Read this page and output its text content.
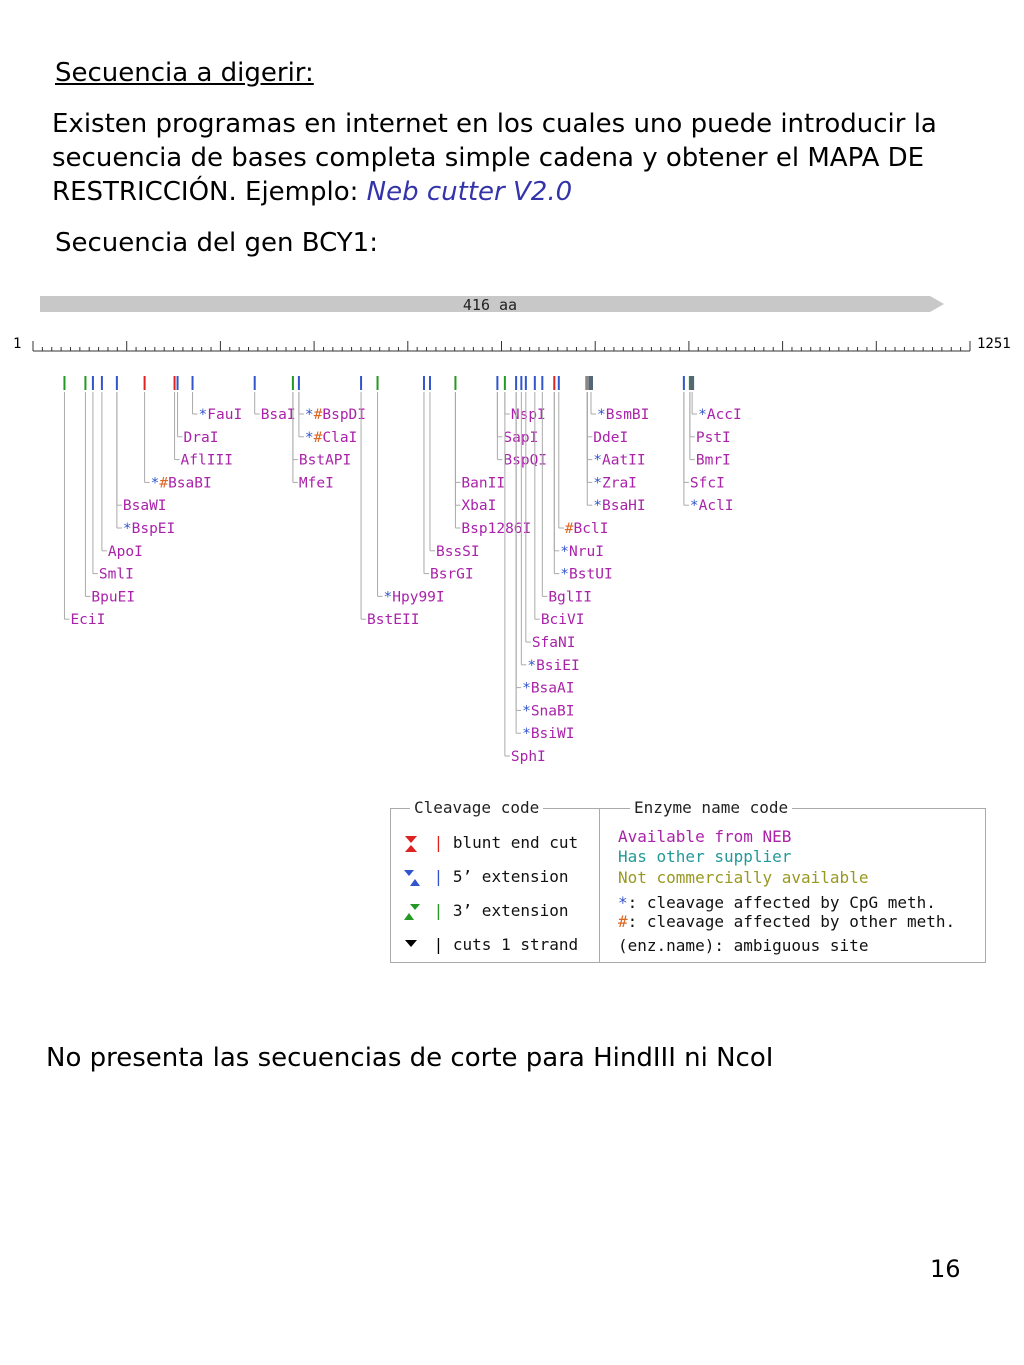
Secuencia a digerir:
Existen programas en internet en los cuales uno puede introducir la secuencia de bases completa simple cadena y obtener el MAPA DE RESTRICCIÓN. Ejemplo: Neb cutter V2.0
Secuencia del gen BCY1:
416 aa
1	1251
*FauI
DraI
AflIII
*#BsaBI
BsaWI
*BspEI
ApoI
SmlI
BpuEI
EciI
BsaI *#BspDI
*#ClaI
BstAPI
MfeI
*Hpy99I
BstEII
BanII
XbaI
Bsp1286I
BssSI
BsrGI
NspI
SapI
BspQI
BglII
BciVI
SfaNI
*BsiEI
*BsaAI
*SnaBI
*BsiWI
SphI
*BsmBI
DdeI
*AatII
*ZraI
*BsaHI
#BclI
*NruI
*BstUI
*AccI
PstI
BmrI
SfcI
*AclI
Cleavage code	Enzyme name code
| blunt end cut
| 5’ extension
| 3’ extension
| cuts 1 strand
Available from NEB
Has other supplier
Not commercially available
*: cleavage affected by CpG meth.
#: cleavage affected by other meth.
(enz.name): ambiguous site
No presenta las secuencias de corte para HindIII ni NcoI
16
